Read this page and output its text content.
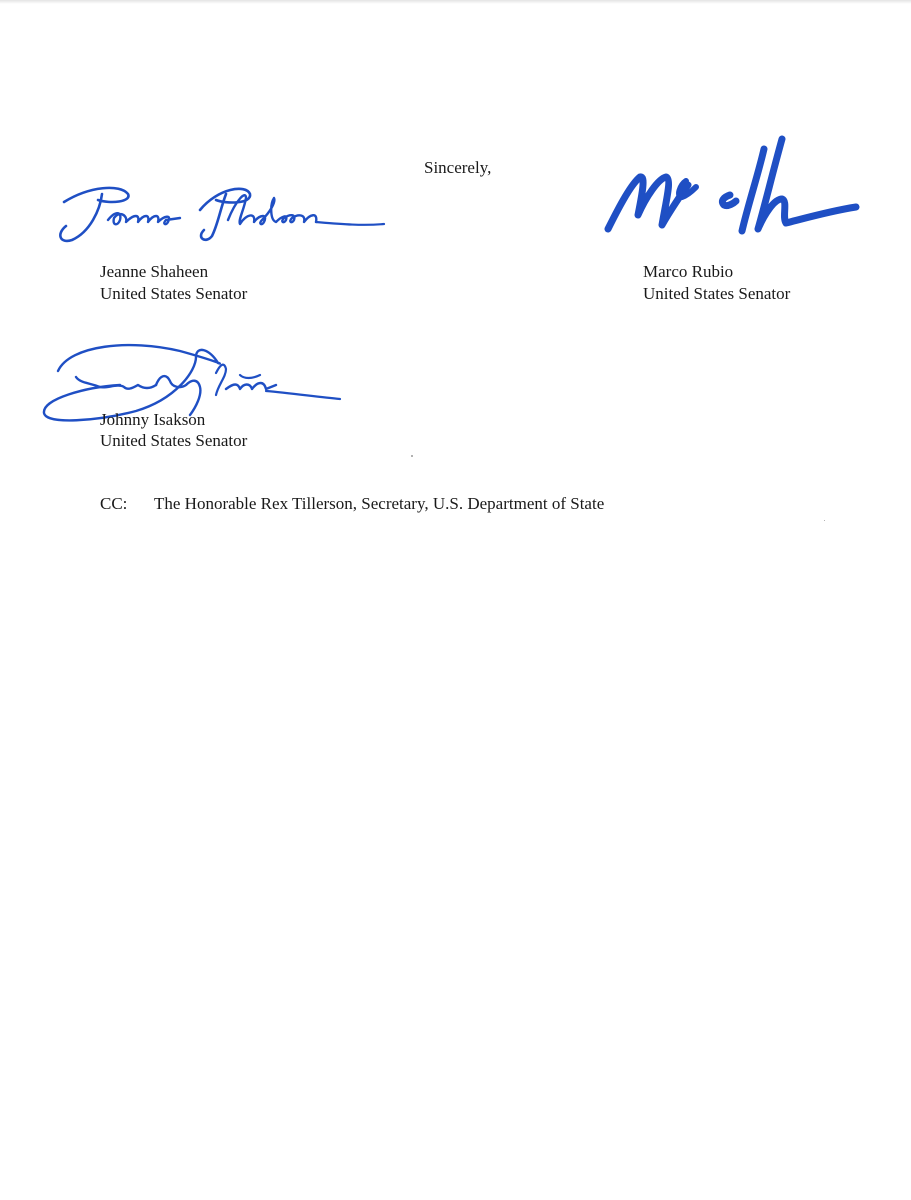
Sincerely,
Jeanne Shaheen
United States Senator
Marco Rubio
United States Senator
Johnny Isakson
United States Senator
CC: The Honorable Rex Tillerson, Secretary, U.S. Department of State
